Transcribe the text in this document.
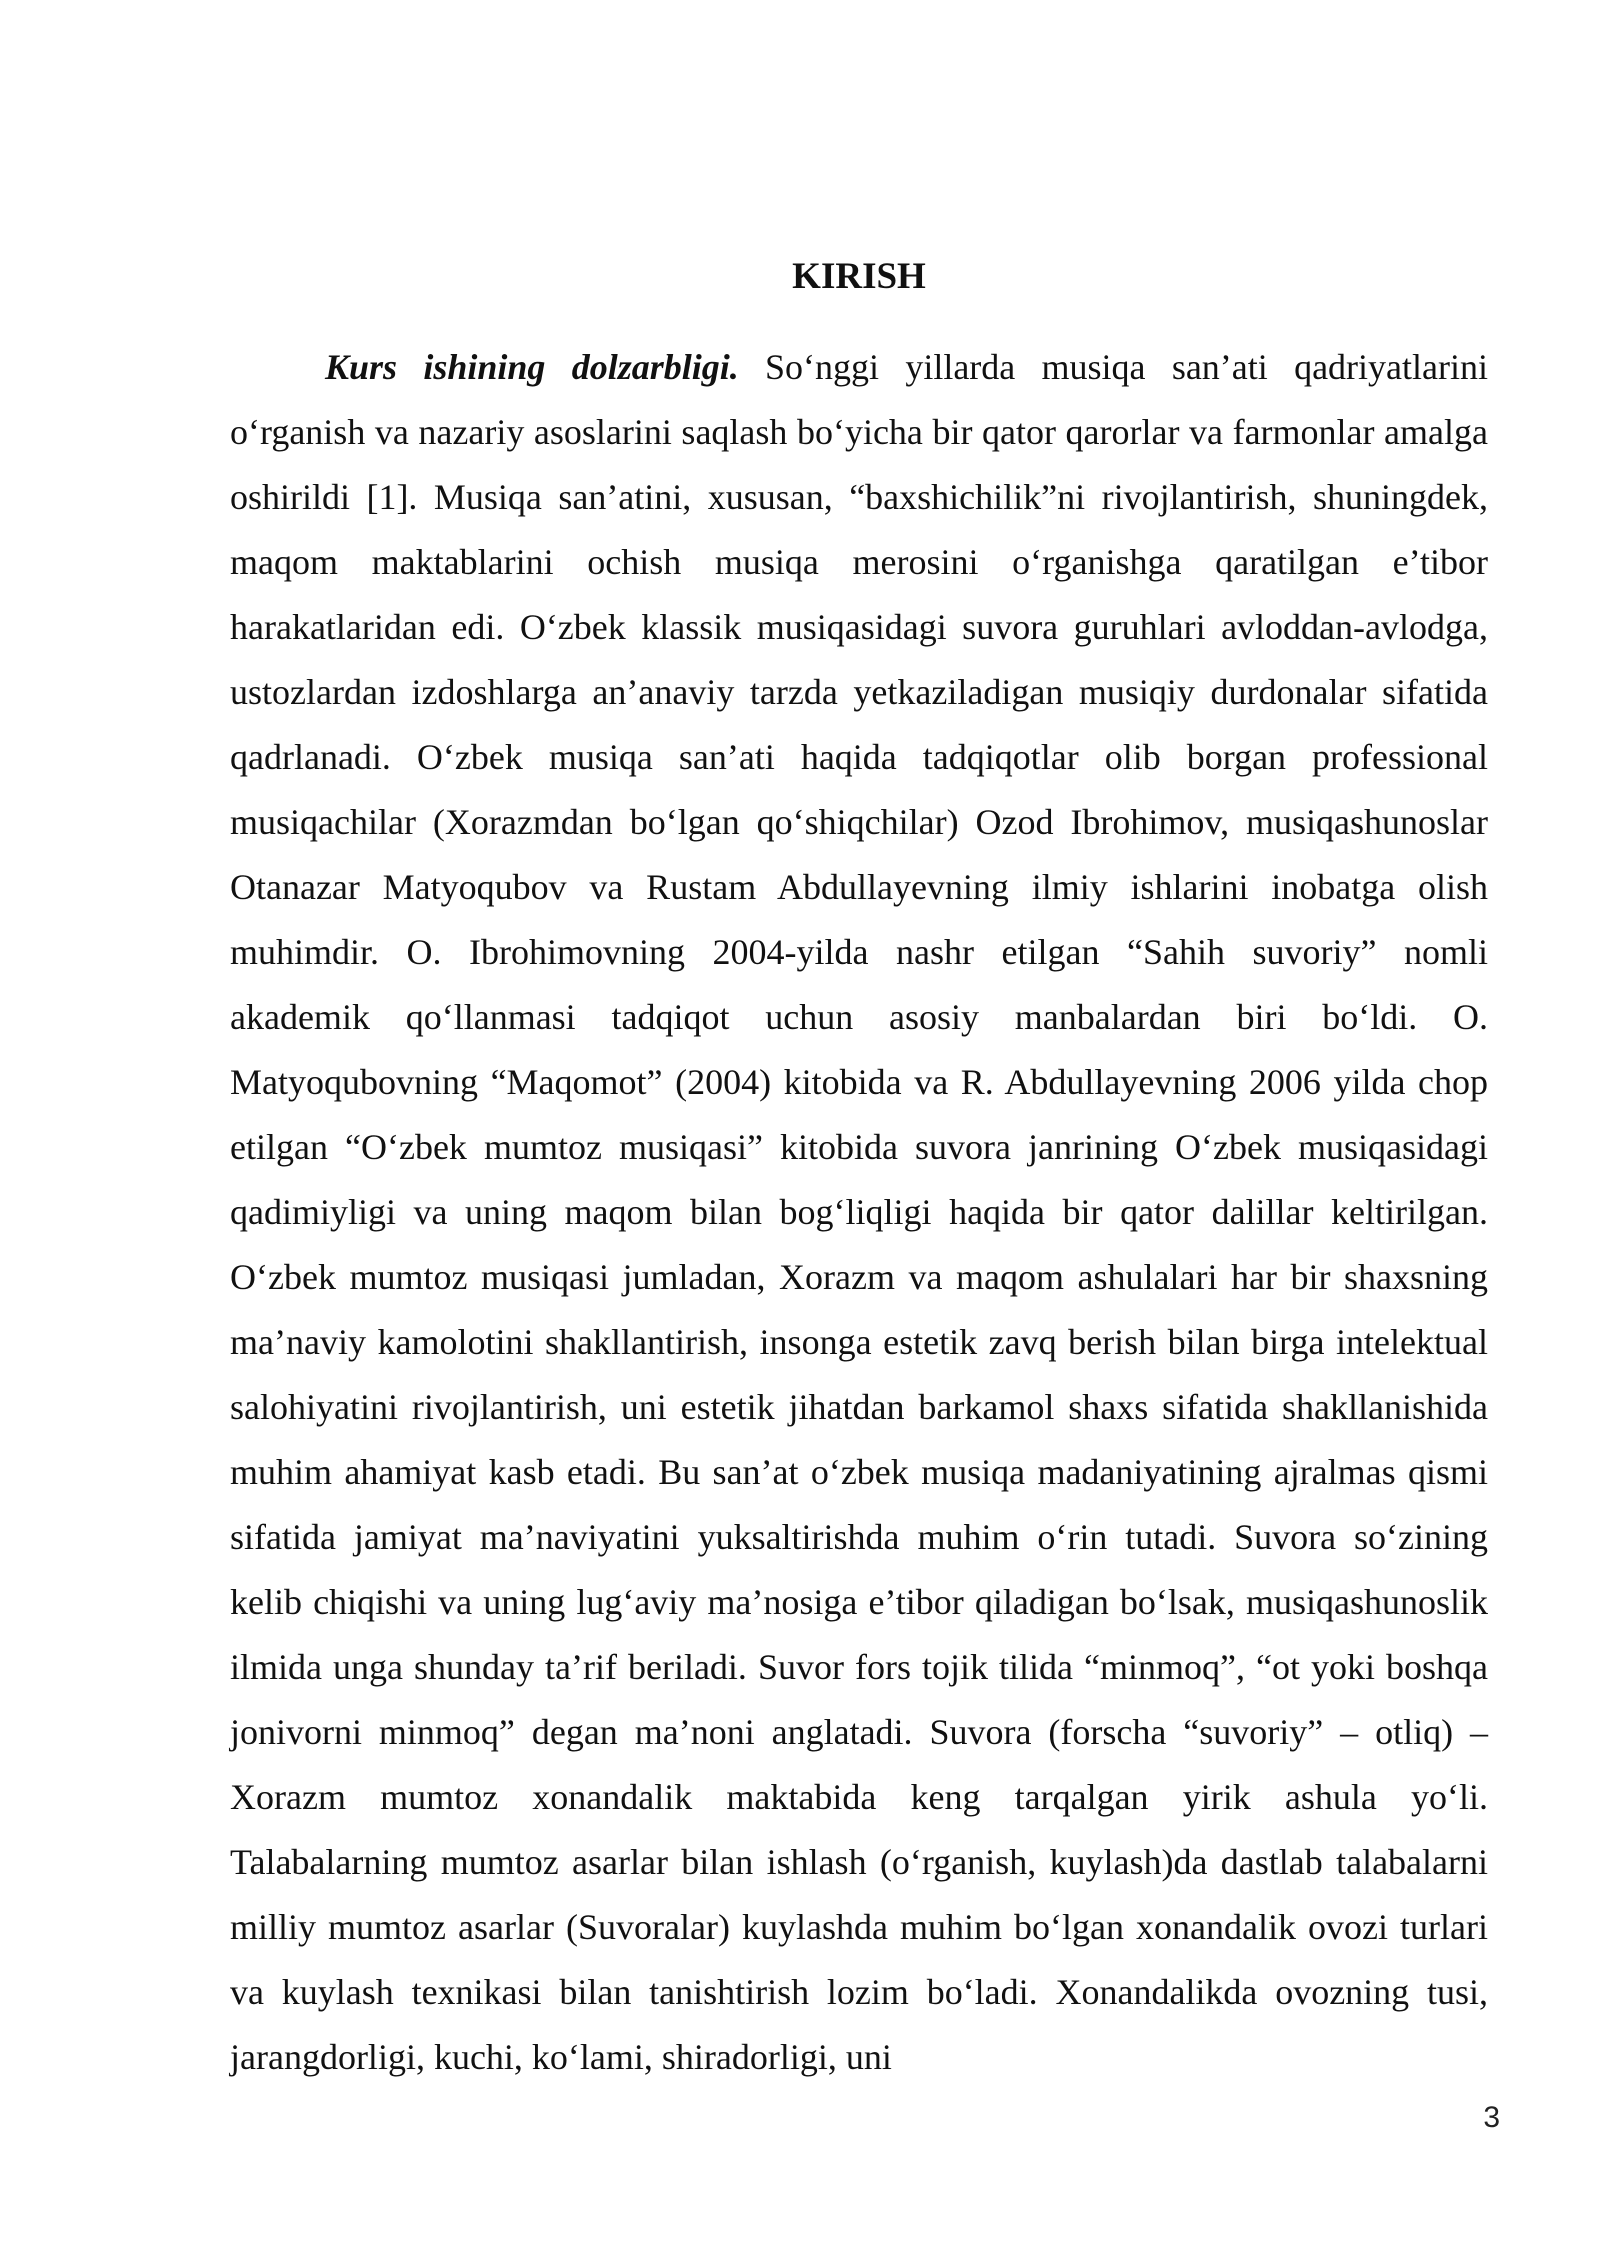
KIRISH

Kurs ishining dolzarbligi. So‘nggi yillarda musiqa san’ati qadriyatlarini o‘rganish va nazariy asoslarini saqlash bo‘yicha bir qator qarorlar va farmonlar amalga oshirildi [1]. Musiqa san’atini, xususan, “baxshichilik”ni rivojlantirish, shuningdek, maqom maktablarini ochish musiqa merosini o‘rganishga qaratilgan e’tibor harakatlaridan edi. O‘zbek klassik musiqasidagi suvora guruhlari avloddan-avlodga, ustozlardan izdoshlarga an’anaviy tarzda yetkaziladigan musiqiy durdonalar sifatida qadrlanadi. O‘zbek musiqa san’ati haqida tadqiqotlar olib borgan professional musiqachilar (Xorazmdan bo‘lgan qo‘shiqchilar) Ozod Ibrohimov, musiqashunoslar Otanazar Matyoqubov va Rustam Abdullayevning ilmiy ishlarini inobatga olish muhimdir. O. Ibrohimovning 2004-yilda nashr etilgan “Sahih suvoriy” nomli akademik qo‘llanmasi tadqiqot uchun asosiy manbalardan biri bo‘ldi. O. Matyoqubovning “Maqomot” (2004) kitobida va R. Abdullayevning 2006 yilda chop etilgan “O‘zbek mumtoz musiqasi” kitobida suvora janrining O‘zbek musiqasidagi qadimiyligi va uning maqom bilan bog‘liqligi haqida bir qator dalillar keltirilgan. O‘zbek mumtoz musiqasi jumladan, Xorazm va maqom ashulalari har bir shaxsning ma’naviy kamolotini shakllantirish, insonga estetik zavq berish bilan birga intelektual salohiyatini rivojlantirish, uni estetik jihatdan barkamol shaxs sifatida shakllanishida muhim ahamiyat kasb etadi. Bu san’at o‘zbek musiqa madaniyatining ajralmas qismi sifatida jamiyat ma’naviyatini yuksaltirishda muhim o‘rin tutadi. Suvora so‘zining kelib chiqishi va uning lug‘aviy ma’nosiga e’tibor qiladigan bo‘lsak, musiqashunoslik ilmida unga shunday ta’rif beriladi. Suvor fors tojik tilida “minmoq”, “ot yoki boshqa jonivorni minmoq” degan ma’noni anglatadi. Suvora (forscha “suvoriy” – otliq) – Xorazm mumtoz xonandalik maktabida keng tarqalgan yirik ashula yo‘li. Talabalarning mumtoz asarlar bilan ishlash (o‘rganish, kuylash)da dastlab talabalarni milliy mumtoz asarlar (Suvoralar) kuylashda muhim bo‘lgan xonandalik ovozi turlari va kuylash texnikasi bilan tanishtirish lozim bo‘ladi. Xonandalikda ovozning tusi, jarangdorligi, kuchi, ko‘lami, shiradorligi, uni

3
